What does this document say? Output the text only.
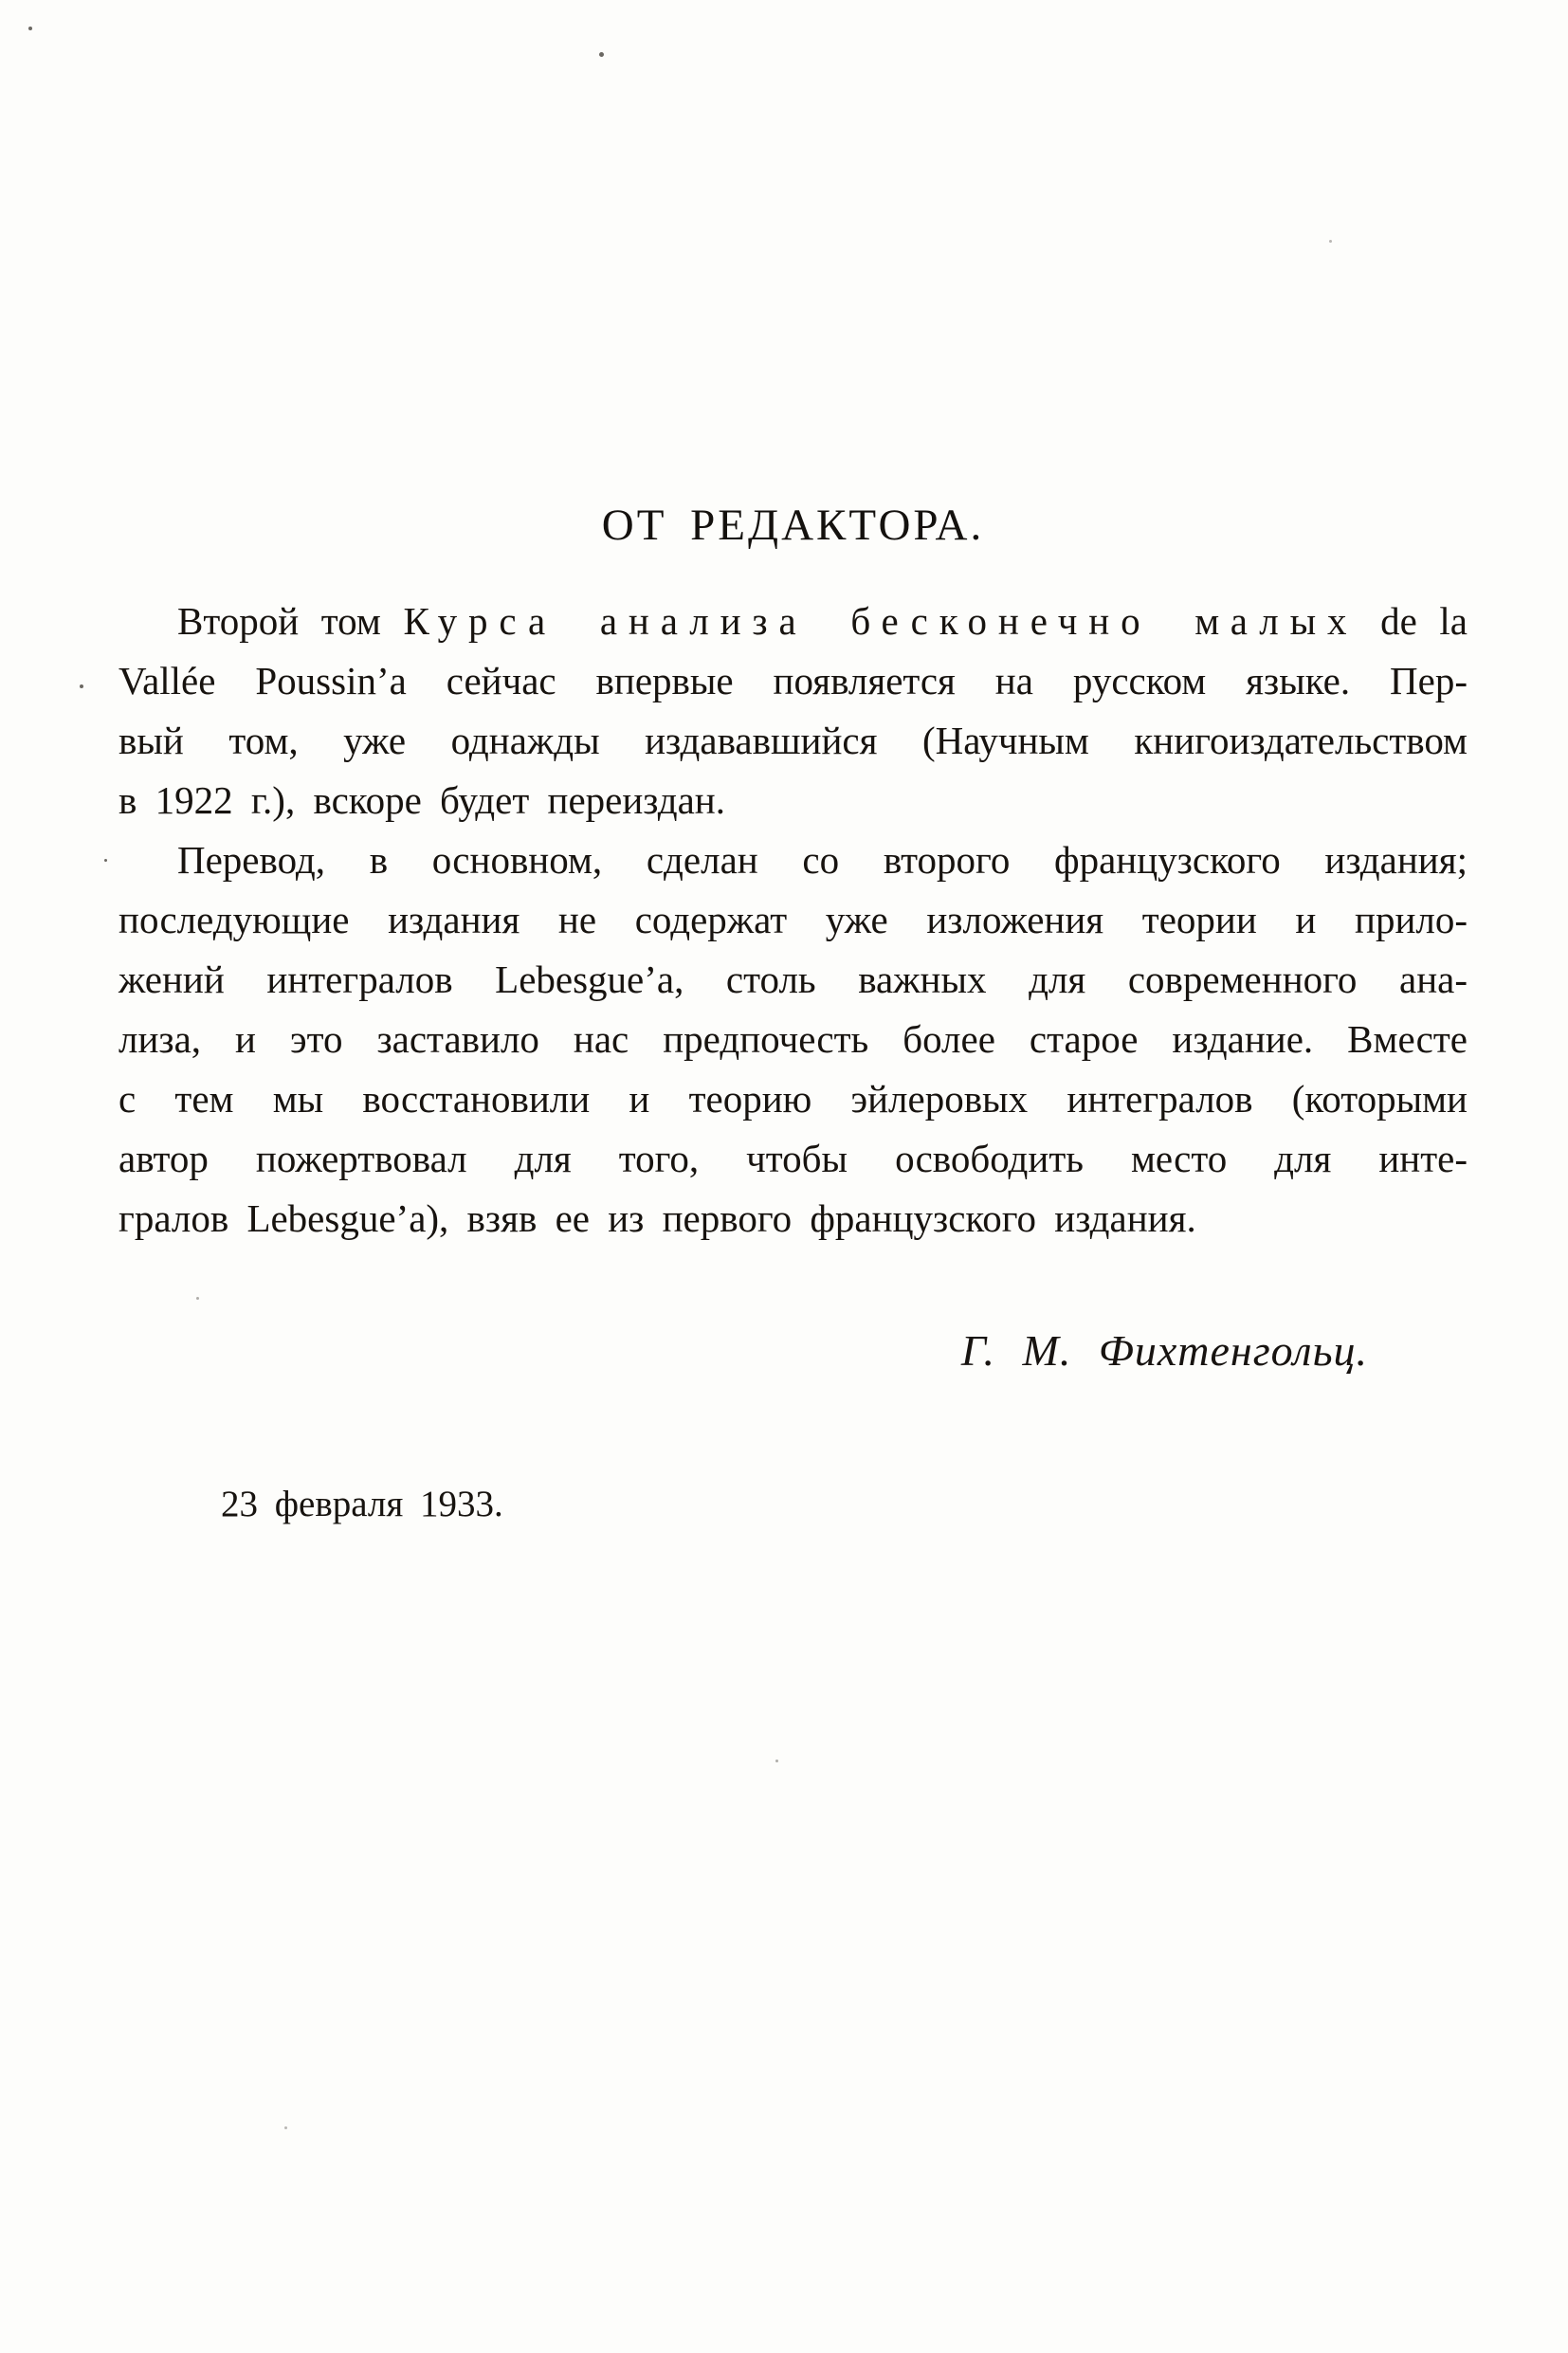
ОТ РЕДАКТОРА.
Второй том Курса анализа бесконечно малых de la
Vallée Poussin’a сейчас впервые появляется на русском языке. Пер-
вый том, уже однажды издававшийся (Научным книгоиздательством
в 1922 г.), вскоре будет переиздан.
Перевод, в основном, сделан со второго французского издания;
последующие издания не содержат уже изложения теории и прило-
жений интегралов Lebesgue’a, столь важных для современного ана-
лиза, и это заставило нас предпочесть более старое издание. Вместе
с тем мы восстановили и теорию эйлеровых интегралов (которыми
автор пожертвовал для того, чтобы освободить место для инте-
гралов Lebesgue’a), взяв ее из первого французского издания.
Г. М. Фихтенгольц.
23 февраля 1933.
